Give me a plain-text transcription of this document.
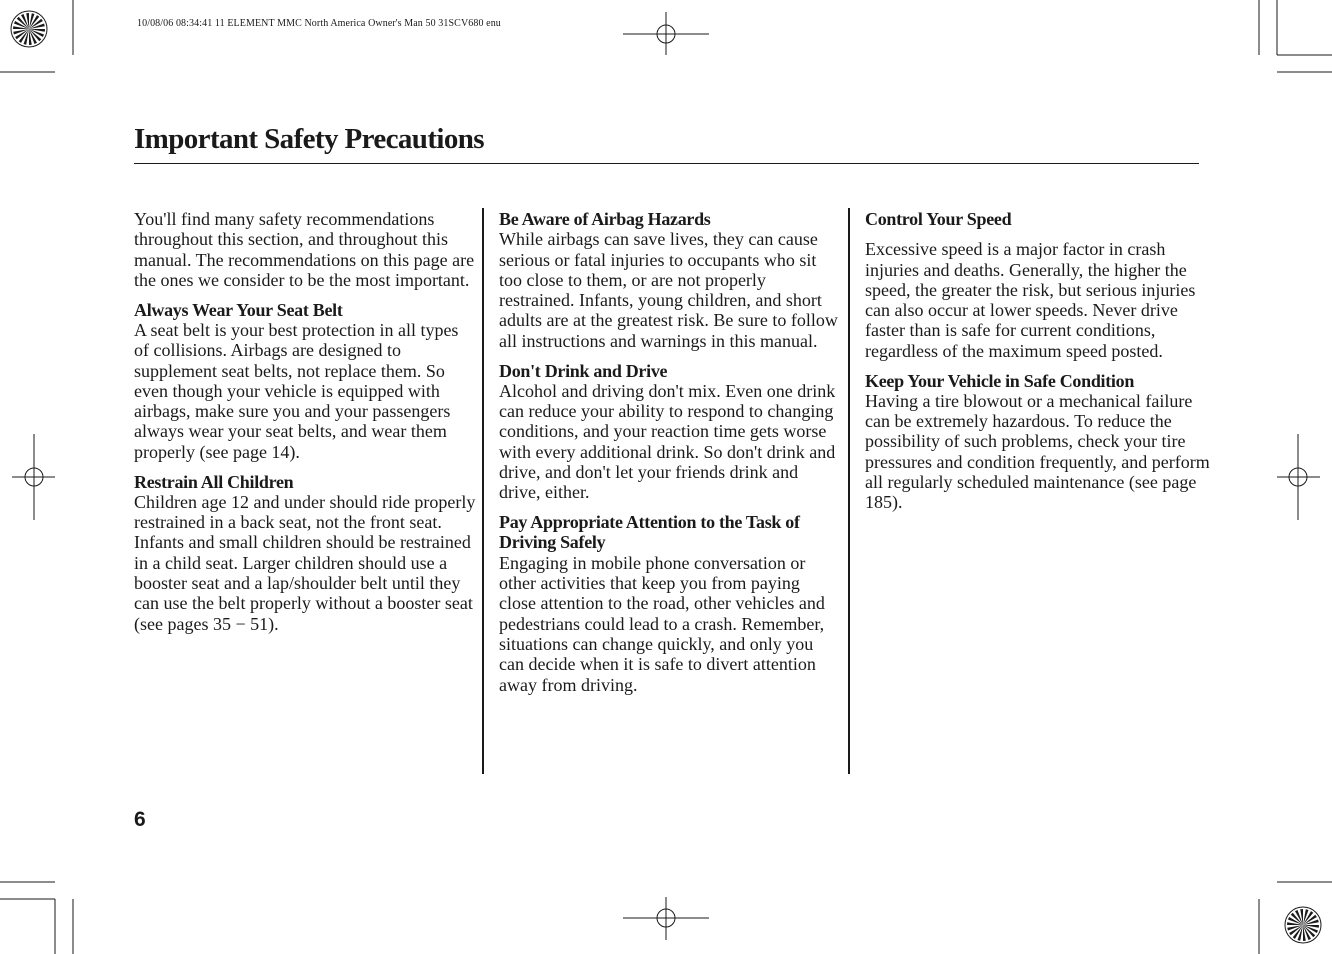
10/08/06 08:34:41 11 ELEMENT MMC North America Owner's Man 50 31SCV680 enu
Important Safety Precautions

You'll find many safety recommendations throughout this section, and throughout this manual. The recommendations on this page are the ones we consider to be the most important.

Always Wear Your Seat Belt

A seat belt is your best protection in all types of collisions. Airbags are designed to supplement seat belts, not replace them. So even though your vehicle is equipped with airbags, make sure you and your passengers always wear your seat belts, and wear them properly (see page 14).

Restrain All Children

Children age 12 and under should ride properly restrained in a back seat, not the front seat. Infants and small children should be restrained in a child seat. Larger children should use a booster seat and a lap/shoulder belt until they can use the belt properly without a booster seat (see pages 35 − 51).

Be Aware of Airbag Hazards

While airbags can save lives, they can cause serious or fatal injuries to occupants who sit too close to them, or are not properly restrained. Infants, young children, and short adults are at the greatest risk. Be sure to follow all instructions and warnings in this manual.

Don't Drink and Drive

Alcohol and driving don't mix. Even one drink can reduce your ability to respond to changing conditions, and your reaction time gets worse with every additional drink. So don't drink and drive, and don't let your friends drink and drive, either.

Pay Appropriate Attention to the Task of Driving Safely

Engaging in mobile phone conversation or other activities that keep you from paying close attention to the road, other vehicles and pedestrians could lead to a crash. Remember, situations can change quickly, and only you can decide when it is safe to divert attention away from driving.

Control Your Speed

Excessive speed is a major factor in crash injuries and deaths. Generally, the higher the speed, the greater the risk, but serious injuries can also occur at lower speeds. Never drive faster than is safe for current conditions, regardless of the maximum speed posted.

Keep Your Vehicle in Safe Condition

Having a tire blowout or a mechanical failure can be extremely hazardous. To reduce the possibility of such problems, check your tire pressures and condition frequently, and perform all regularly scheduled maintenance (see page 185).

6
